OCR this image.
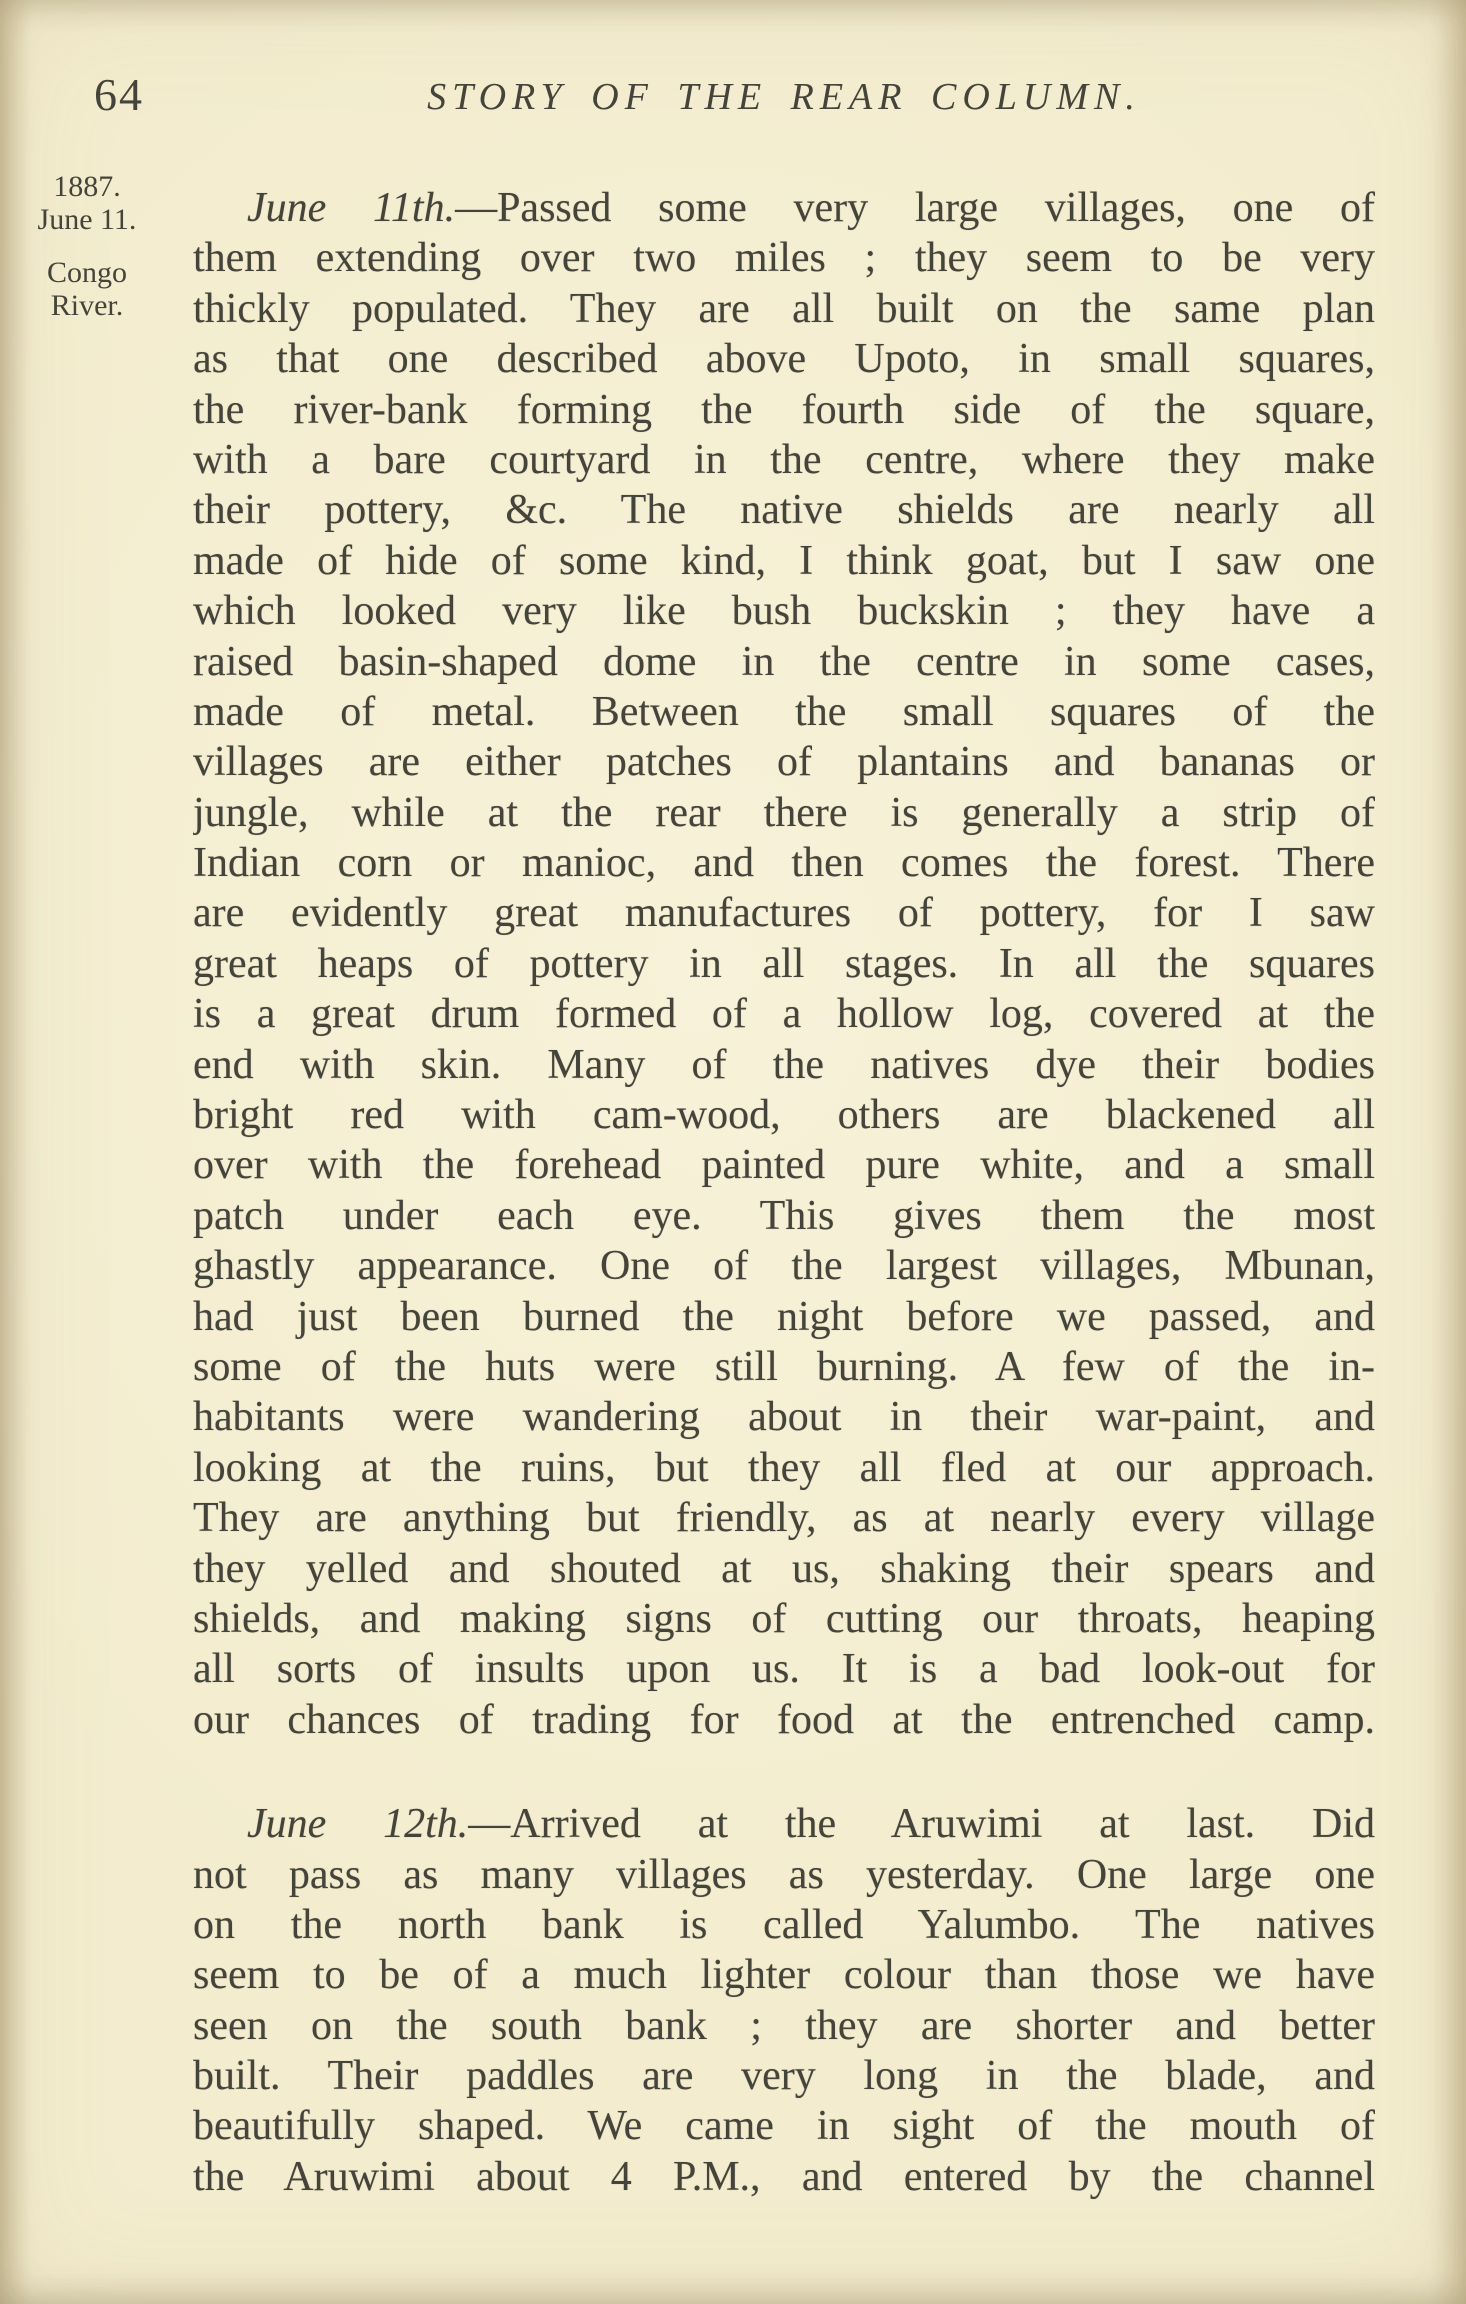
64	STORY OF THE REAR COLUMN.
1887.
June 11.
Congo
River.
June 11th.—Passed some very large villages, one of
them extending over two miles ; they seem to be very
thickly populated. They are all built on the same plan
as that one described above Upoto, in small squares,
the river-bank forming the fourth side of the square,
with a bare courtyard in the centre, where they make
their pottery, &c. The native shields are nearly all
made of hide of some kind, I think goat, but I saw one
which looked very like bush buckskin ; they have a
raised basin-shaped dome in the centre in some cases,
made of metal. Between the small squares of the
villages are either patches of plantains and bananas or
jungle, while at the rear there is generally a strip of
Indian corn or manioc, and then comes the forest. There
are evidently great manufactures of pottery, for I saw
great heaps of pottery in all stages. In all the squares
is a great drum formed of a hollow log, covered at the
end with skin. Many of the natives dye their bodies
bright red with cam-wood, others are blackened all
over with the forehead painted pure white, and a small
patch under each eye. This gives them the most
ghastly appearance. One of the largest villages, Mbunan,
had just been burned the night before we passed, and
some of the huts were still burning. A few of the in-
habitants were wandering about in their war-paint, and
looking at the ruins, but they all fled at our approach.
They are anything but friendly, as at nearly every village
they yelled and shouted at us, shaking their spears and
shields, and making signs of cutting our throats, heaping
all sorts of insults upon us. It is a bad look-out for
our chances of trading for food at the entrenched camp.
June 12th.—Arrived at the Aruwimi at last. Did
not pass as many villages as yesterday. One large one
on the north bank is called Yalumbo. The natives
seem to be of a much lighter colour than those we have
seen on the south bank ; they are shorter and better
built. Their paddles are very long in the blade, and
beautifully shaped. We came in sight of the mouth of
the Aruwimi about 4 P.M., and entered by the channel
